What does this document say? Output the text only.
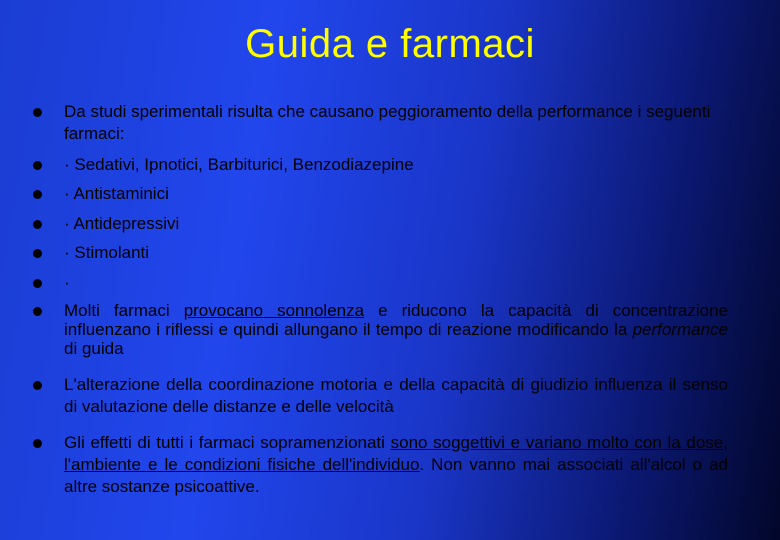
Guida e farmaci
Da studi sperimentali risulta che causano peggioramento della performance i seguenti farmaci:
· Sedativi, Ipnotici, Barbiturici, Benzodiazepine
· Antistaminici
· Antidepressivi
· Stimolanti
·
Molti farmaci provocano sonnolenza e riducono la capacità di concentrazione influenzano i riflessi e quindi allungano il tempo di reazione modificando la performance di guida
L'alterazione della coordinazione motoria e della capacità di giudizio influenza il senso di valutazione delle distanze e delle velocità
Gli effetti di tutti i farmaci sopramenzionati sono soggettivi e variano molto con la dose, l'ambiente e le condizioni fisiche dell'individuo. Non vanno mai associati all'alcol o ad altre sostanze psicoattive.
